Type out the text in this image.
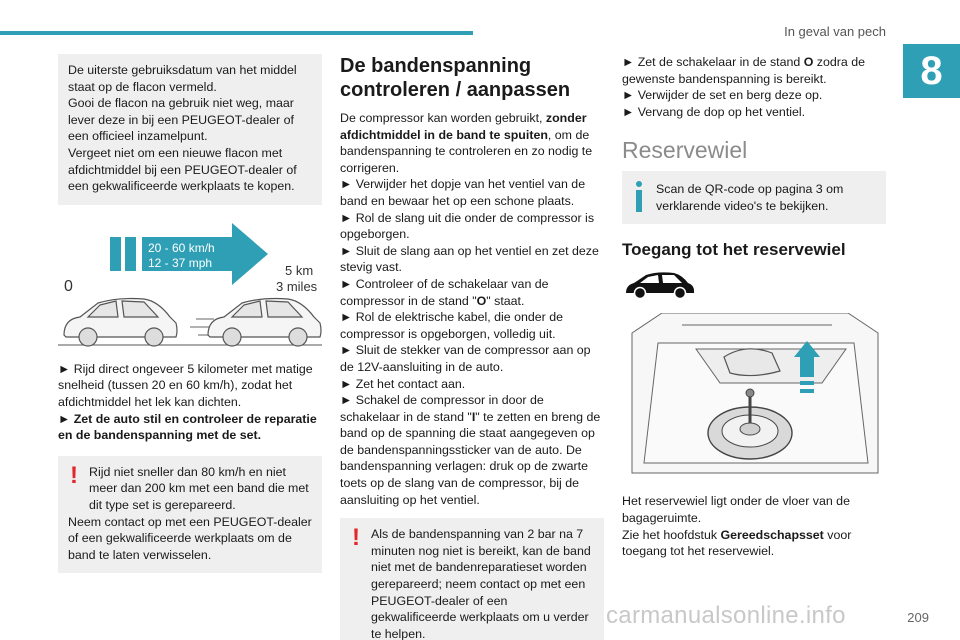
In geval van pech
8

De uiterste gebruiksdatum van het middel staat op de flacon vermeld.

Gooi de flacon na gebruik niet weg, maar lever deze in bij een PEUGEOT-dealer of een officieel inzamelpunt.

Vergeet niet om een nieuwe flacon met afdichtmiddel bij een PEUGEOT-dealer of een gekwalificeerde werkplaats te kopen.

20 - 60 km/h
12 - 37 mph	5 km
3 miles
0

► Rijd direct ongeveer 5 kilometer met matige snelheid (tussen 20 en 60 km/h), zodat het afdichtmiddel het lek kan dichten.

► Zet de auto stil en controleer de reparatie en de bandenspanning met de set.

! Rijd niet sneller dan 80 km/h en niet meer dan 200 km met een band die met dit type set is gerepareerd.

Neem contact op met een PEUGEOT-dealer of een gekwalificeerde werkplaats om de band te laten verwisselen.

De bandenspanning controleren / aanpassen

De compressor kan worden gebruikt, zonder afdichtmiddel in de band te spuiten, om de bandenspanning te controleren en zo nodig te corrigeren.

► Verwijder het dopje van het ventiel van de band en bewaar het op een schone plaats.

► Rol de slang uit die onder de compressor is opgeborgen.

► Sluit de slang aan op het ventiel en zet deze stevig vast.

► Controleer of de schakelaar van de compressor in de stand "O" staat.

► Rol de elektrische kabel, die onder de compressor is opgeborgen, volledig uit.

► Sluit de stekker van de compressor aan op de 12V-aansluiting in de auto.

► Zet het contact aan.

► Schakel de compressor in door de schakelaar in de stand "I" te zetten en breng de band op de spanning die staat aangegeven op de bandenspanningssticker van de auto. De bandenspanning verlagen: druk op de zwarte toets op de slang van de compressor, bij de aansluiting op het ventiel.

! Als de bandenspanning van 2 bar na 7 minuten nog niet is bereikt, kan de band niet met de bandenreparatieset worden gerepareerd; neem contact op met een PEUGEOT-dealer of een gekwalificeerde werkplaats om u verder te helpen.

► Zet de schakelaar in de stand O zodra de gewenste bandenspanning is bereikt.

► Verwijder de set en berg deze op.

► Vervang de dop op het ventiel.

Reservewiel

Scan de QR-code op pagina 3 om verklarende video's te bekijken.

Toegang tot het reservewiel

Het reservewiel ligt onder de vloer van de bagageruimte.

Zie het hoofdstuk Gereedschapsset voor toegang tot het reservewiel.

carmanualsonline.info	209
